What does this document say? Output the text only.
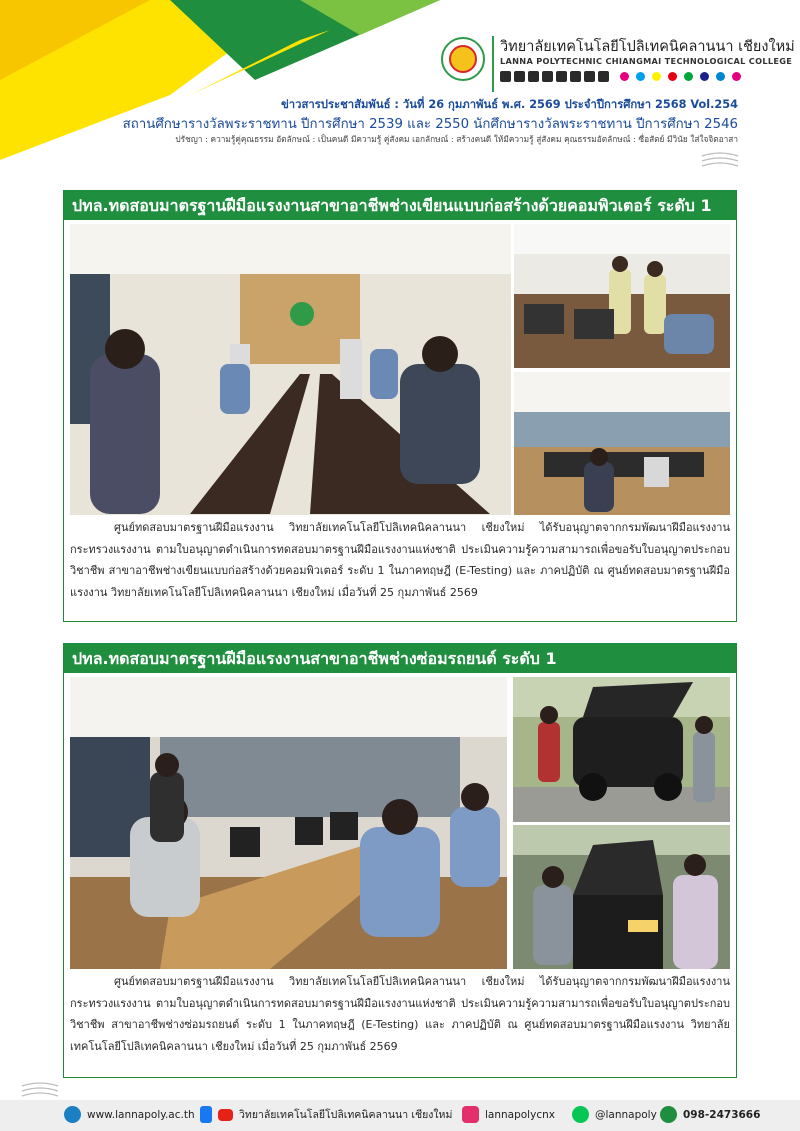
วิทยาลัยเทคโนโลยีโปลิเทคนิคลานนา เชียงใหม่
LANNA POLYTECHNIC CHIANGMAI TECHNOLOGICAL COLLEGE
ข่าวสารประชาสัมพันธ์ : วันที่ 26 กุมภาพันธ์ พ.ศ. 2569 ประจำปีการศึกษา 2568 Vol.254
สถานศึกษารางวัลพระราชทาน ปีการศึกษา 2539 และ 2550 นักศึกษารางวัลพระราชทาน ปีการศึกษา 2546
ปรัชญา : ความรู้คู่คุณธรรม อัตลักษณ์ : เป็นคนดี มีความรู้ คู่สังคม เอกลักษณ์ : สร้างคนดี ให้มีความรู้ สู่สังคม คุณธรรมอัตลักษณ์ : ซื่อสัตย์ มีวินัย ใส่ใจจิตอาสา
ปทล.ทดสอบมาตรฐานฝีมือแรงงานสาขาอาชีพช่างเขียนแบบก่อสร้างด้วยคอมพิวเตอร์ ระดับ 1
ศูนย์ทดสอบมาตรฐานฝีมือแรงงาน วิทยาลัยเทคโนโลยีโปลิเทคนิคลานนา เชียงใหม่ ได้รับอนุญาตจากกรมพัฒนาฝีมือแรงงาน กระทรวงแรงงาน ตามใบอนุญาตดำเนินการทดสอบมาตรฐานฝีมือแรงงานแห่งชาติ ประเมินความรู้ความสามารถเพื่อขอรับใบอนุญาตประกอบวิชาชีพ สาขาอาชีพช่างเขียนแบบก่อสร้างด้วยคอมพิวเตอร์ ระดับ 1 ในภาคทฤษฎี (E-Testing) และ ภาคปฏิบัติ ณ ศูนย์ทดสอบมาตรฐานฝีมือแรงงาน วิทยาลัยเทคโนโลยีโปลิเทคนิคลานนา เชียงใหม่ เมื่อวันที่ 25 กุมภาพันธ์ 2569
ปทล.ทดสอบมาตรฐานฝีมือแรงงานสาขาอาชีพช่างซ่อมรถยนต์ ระดับ 1
ศูนย์ทดสอบมาตรฐานฝีมือแรงงาน วิทยาลัยเทคโนโลยีโปลิเทคนิคลานนา เชียงใหม่ ได้รับอนุญาตจากกรมพัฒนาฝีมือแรงงาน กระทรวงแรงงาน ตามใบอนุญาตดำเนินการทดสอบมาตรฐานฝีมือแรงงานแห่งชาติ ประเมินความรู้ความสามารถเพื่อขอรับใบอนุญาตประกอบวิชาชีพ สาขาอาชีพช่างซ่อมรถยนต์ ระดับ 1 ในภาคทฤษฎี (E-Testing) และ ภาคปฏิบัติ ณ ศูนย์ทดสอบมาตรฐานฝีมือแรงงาน วิทยาลัยเทคโนโลยีโปลิเทคนิคลานนา เชียงใหม่ เมื่อวันที่ 25 กุมภาพันธ์ 2569
www.lannapoly.ac.th	วิทยาลัยเทคโนโลยีโปลิเทคนิคลานนา เชียงใหม่	lannapolycnx	@lannapoly 098-2473666
